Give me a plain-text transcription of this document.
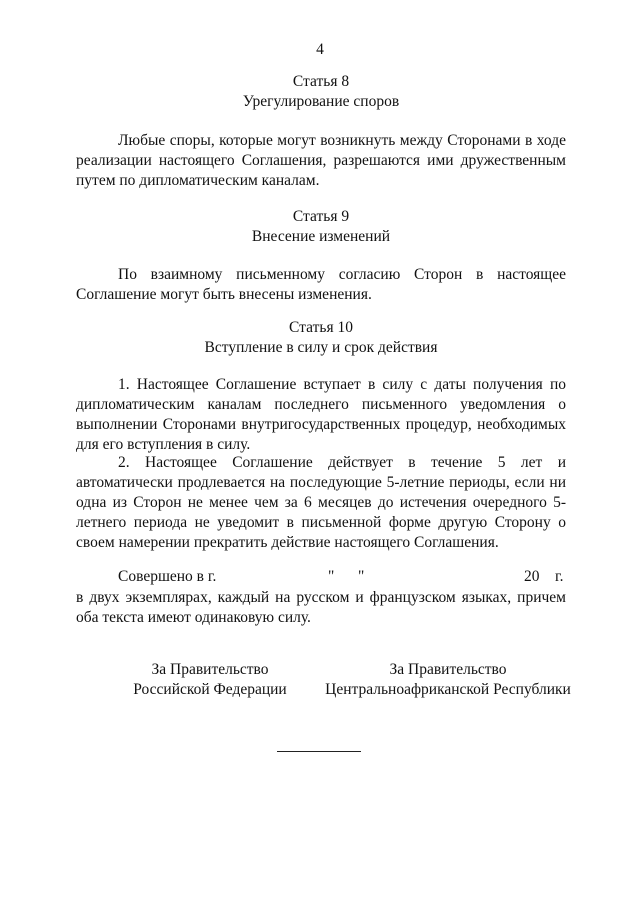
4
Статья 8
Урегулирование споров
Любые споры, которые могут возникнуть между Сторонами в ходе реализации настоящего Соглашения, разрешаются ими дружественным путем по дипломатическим каналам.
Статья 9
Внесение изменений
По взаимному письменному согласию Сторон в настоящее Соглашение могут быть внесены изменения.
Статья 10
Вступление в силу и срок действия
1. Настоящее Соглашение вступает в силу с даты получения по дипломатическим каналам последнего письменного уведомления о выполнении Сторонами внутригосударственных процедур, необходимых для его вступления в силу.
2. Настоящее Соглашение действует в течение 5 лет и автоматически продлевается на последующие 5-летние периоды, если ни одна из Сторон не менее чем за 6 месяцев до истечения очередного 5-летнего периода не уведомит в письменной форме другую Сторону о своем намерении прекратить действие настоящего Соглашения.
Совершено в г.	" "	20 г.
в двух экземплярах, каждый на русском и французском языках, причем оба текста имеют одинаковую силу.
За Правительство
Российской Федерации
За Правительство
Центральноафриканской Республики
